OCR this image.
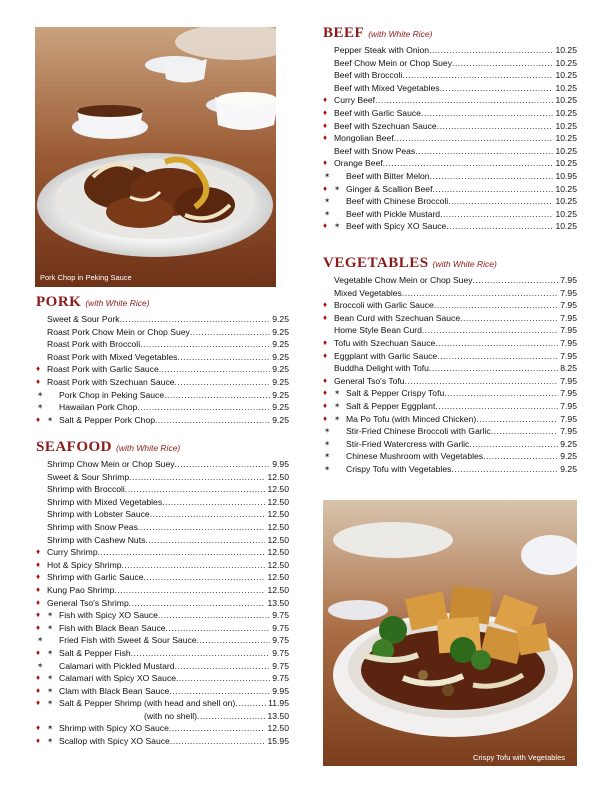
Pork Chop in Peking Sauce
Crispy Tofu with Vegetables
PORK (with White Rice)
Sweet & Sour Pork .....	9.25
Roast Pork Chow Mein or Chop Suey .....	9.25
Roast Pork with Broccoli .....	9.25
Roast Pork with Mixed Vegetables .....	9.25
♦ Roast Pork with Garlic Sauce .....	9.25
♦ Roast Pork with Szechuan Sauce .....	9.25
✶ Pork Chop in Peking Sauce .....	9.25
✶ Hawaiian Pork Chop .....	9.25
♦ ✶ Salt & Pepper Pork Chop .....	9.25
SEAFOOD (with White Rice)
Shrimp Chow Mein or Chop Suey .....	9.95
Sweet & Sour Shrimp .....	12.50
Shrimp with Broccoli .....	12.50
Shrimp with Mixed Vegetables .....	12.50
Shrimp with Lobster Sauce .....	12.50
Shrimp with Snow Peas .....	12.50
Shrimp with Cashew Nuts .....	12.50
♦ Curry Shrimp .....	12.50
♦ Hot & Spicy Shrimp .....	12.50
♦ Shrimp with Garlic Sauce .....	12.50
♦ Kung Pao Shrimp .....	12.50
♦ General Tso's Shrimp .....	13.50
♦ ✶ Fish with Spicy XO Sauce .....	9.75
♦ ✶ Fish with Black Bean Sauce .....	9.75
✶ Fried Fish with Sweet & Sour Sauce .....	9.75
♦ ✶ Salt & Pepper Fish .....	9.75
✶ Calamari with Pickled Mustard .....	9.75
♦ ✶ Calamari with Spicy XO Sauce .....	9.75
♦ ✶ Clam with Black Bean Sauce .....	9.95
♦ ✶ Salt & Pepper Shrimp (with head and shell on) .....	11.95
(with no shell) .....	13.50
♦ ✶ Shrimp with Spicy XO Sauce .....	12.50
♦ ✶ Scallop with Spicy XO Sauce .....	15.95
BEEF (with White Rice)
Pepper Steak with Onion .....	10.25
Beef Chow Mein or Chop Suey .....	10.25
Beef with Broccoli .....	10.25
Beef with Mixed Vegetables .....	10.25
♦ Curry Beef .....	10.25
♦ Beef with Garlic Sauce .....	10.25
♦ Beef with Szechuan Sauce .....	10.25
♦ Mongolian Beef .....	10.25
Beef with Snow Peas .....	10.25
♦ Orange Beef .....	10.25
✶ Beef with Bitter Melon .....	10.95
♦ ✶ Ginger & Scallion Beef .....	10.25
✶ Beef with Chinese Broccoli .....	10.25
✶ Beef with Pickle Mustard .....	10.25
♦ ✶ Beef with Spicy XO Sauce .....	10.25
VEGETABLES (with White Rice)
Vegetable Chow Mein or Chop Suey .....	7.95
Mixed Vegetables .....	7.95
♦ Broccoli with Garlic Sauce .....	7.95
♦ Bean Curd with Szechuan Sauce .....	7.95
Home Style Bean Curd .....	7.95
♦ Tofu with Szechuan Sauce .....	7.95
♦ Eggplant with Garlic Sauce .....	7.95
Buddha Delight with Tofu .....	8.25
♦ General Tso's Tofu .....	7.95
♦ ✶ Salt & Pepper Crispy Tofu .....	7.95
♦ ✶ Salt & Pepper Eggplant .....	7.95
♦ ✶ Ma Po Tofu (with Minced Chicken) .....	7.95
✶ Stir-Fried Chinese Broccoli with Garlic .....	7.95
✶ Stir-Fried Watercress with Garlic .....	9.25
✶ Chinese Mushroom with Vegetables .....	9.25
✶ Crispy Tofu with Vegetables .....	9.25
